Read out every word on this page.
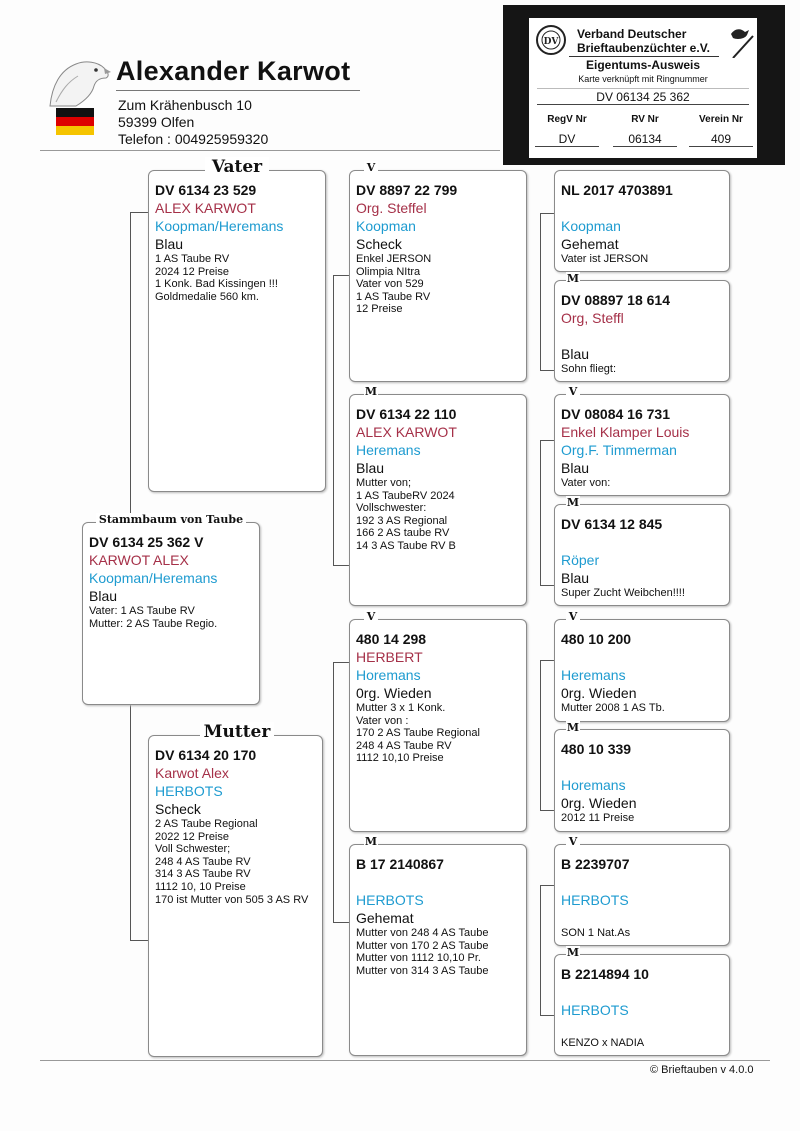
Alexander Karwot
Zum Krähenbusch 10
59399 Olfen
Telefon : 004925959320
DV
Verband Deutscher
Brieftaubenzüchter e.V.
Eigentums-Ausweis
Karte verknüpft mit Ringnummer
DV 06134 25 362
RegV Nr	RV Nr	Verein Nr
DV	06134	409
DV 6134 25 362 V
KARWOT ALEX
Koopman/Heremans
Blau
Vater: 1 AS Taube RV
Mutter: 2 AS Taube Regio.
Stammbaum von Taube
DV 6134 23 529
ALEX KARWOT
Koopman/Heremans
Blau
1 AS Taube RV
2024 12 Preise
1 Konk. Bad Kissingen !!!
Goldmedalie 560 km.
Vater
DV 6134 20 170
Karwot Alex
HERBOTS
Scheck
2 AS Taube Regional
2022 12 Preise
Voll Schwester;
248 4 AS Taube RV
314 3 AS Taube RV
1112 10, 10 Preise
170 ist Mutter von 505 3 AS RV
Mutter
DV 8897 22 799
Org. Steffel
Koopman
Scheck
Enkel JERSON
Olimpia NItra
Vater von 529
1 AS Taube RV
12 Preise
V
DV 6134 22 110
ALEX KARWOT
Heremans
Blau
Mutter von;
1 AS TaubeRV 2024
Vollschwester:
192 3 AS Regional
166 2 AS taube RV
14 3 AS Taube RV B
M
480 14 298
HERBERT
Horemans
0rg. Wieden
Mutter 3 x 1 Konk.
Vater von :
170 2 AS Taube Regional
248 4 AS Taube RV
1112 10,10 Preise
V
B 17 2140867
HERBOTS
Gehemat
Mutter von 248 4 AS Taube
Mutter von 170 2 AS Taube
Mutter von 1112 10,10 Pr.
Mutter von 314 3 AS Taube
M
NL 2017 4703891
Koopman
Gehemat
Vater ist JERSON
DV 08897 18 614
Org, Steffl
Blau
Sohn fliegt:
M
DV 08084 16 731
Enkel Klamper Louis
Org.F. Timmerman
Blau
Vater von:
V
DV 6134 12 845
Röper
Blau
Super Zucht Weibchen!!!!
M
480 10 200
Heremans
0rg. Wieden
Mutter 2008 1 AS Tb.
V
480 10 339
Horemans
0rg. Wieden
2012 11 Preise
M
B 2239707
HERBOTS
SON 1 Nat.As
V
B 2214894 10
HERBOTS
KENZO x NADIA
M
© Brieftauben v 4.0.0
